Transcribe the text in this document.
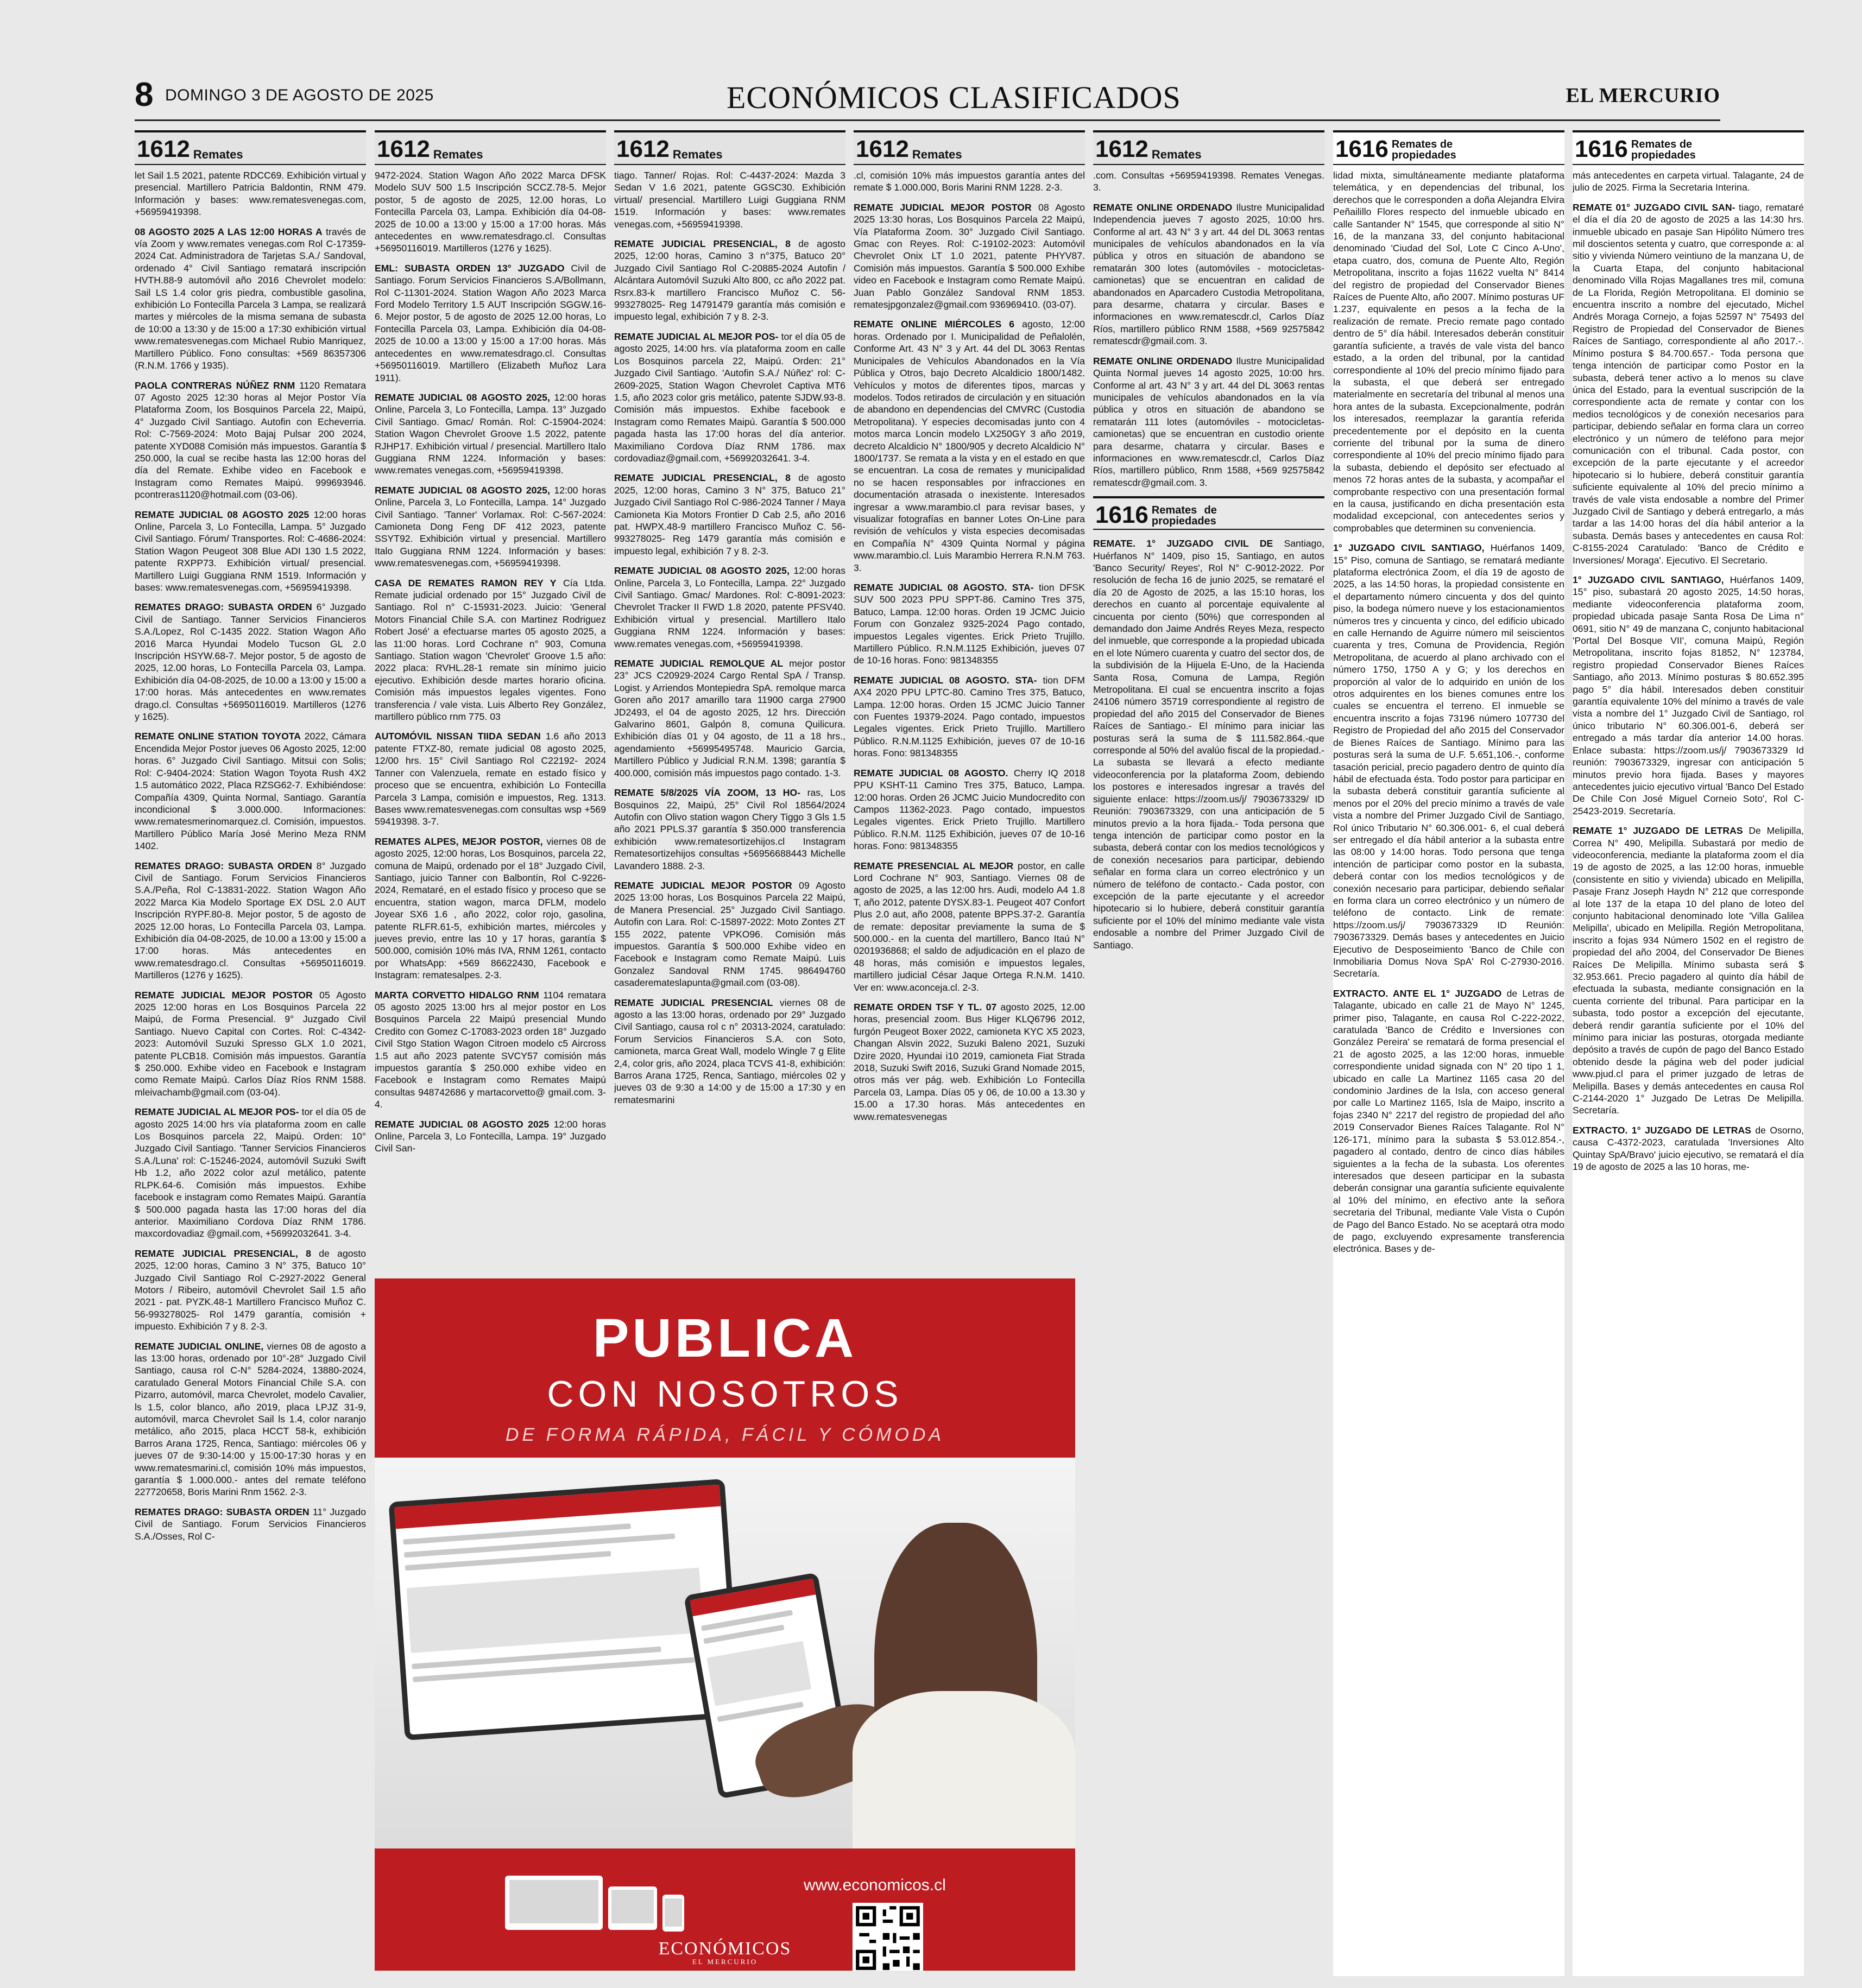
8 DOMINGO 3 DE AGOSTO DE 2025	ECONÓMICOS CLASIFICADOS	EL MERCURIO
1612 Remates
let Sail 1.5 2021, patente RDCC69. Exhibición virtual y presencial. Martillero Patricia Baldontin, RNM 479. Información y bases: www.rematesvenegas.com, +56959419398.
08 AGOSTO 2025 A LAS 12:00 HORAS A través de vía Zoom y www.remates venegas.com Rol C-17359-2024 Cat. Administradora de Tarjetas S.A./ Sandoval, ordenado 4° Civil Santiago rematará inscripción HVTH.88-9 automóvil año 2016 Chevrolet modelo: Sail LS 1.4 color gris piedra, combustible gasolina, exhibición Lo Fontecilla Parcela 3 Lampa, se realizará martes y miércoles de la misma semana de subasta de 10:00 a 13:30 y de 15:00 a 17:30 exhibición virtual www.rematesvenegas.com Michael Rubio Manriquez, Martillero Público. Fono consultas: +569 86357306 (R.N.M. 1766 y 1935).
PAOLA CONTRERAS NÚÑEZ RNM 1120 Rematara 07 Agosto 2025 12:30 horas al Mejor Postor Vía Plataforma Zoom, los Bosquinos Parcela 22, Maipú, 4° Juzgado Civil Santiago. Autofin con Echeverria. Rol: C-7569-2024: Moto Bajaj Pulsar 200 2024, patente XYD088 Comisión más impuestos. Garantía $ 250.000, la cual se recibe hasta las 12:00 horas del día del Remate. Exhibe video en Facebook e Instagram como Remates Maipú. 999693946. pcontreras1120@hotmail.com (03-06).
REMATE JUDICIAL 08 AGOSTO 2025 12:00 horas Online, Parcela 3, Lo Fontecilla, Lampa. 5° Juzgado Civil Santiago. Fórum/ Transportes. Rol: C-4686-2024: Station Wagon Peugeot 308 Blue ADI 130 1.5 2022, patente RXPP73. Exhibición virtual/ presencial. Martillero Luigi Guggiana RNM 1519. Información y bases: www.rematesvenegas.com, +56959419398.
REMATES DRAGO: SUBASTA ORDEN 6° Juzgado Civil de Santiago. Tanner Servicios Financieros S.A./Lopez, Rol C-1435 2022. Station Wagon Año 2016 Marca Hyundai Modelo Tucson GL 2.0 Inscripción HSYW.68-7. Mejor postor, 5 de agosto de 2025, 12.00 horas, Lo Fontecilla Parcela 03, Lampa. Exhibición día 04-08-2025, de 10.00 a 13:00 y 15:00 a 17:00 horas. Más antecedentes en www.remates drago.cl. Consultas +56950116019. Martilleros (1276 y 1625).
REMATE ONLINE STATION TOYOTA 2022, Cámara Encendida Mejor Postor jueves 06 Agosto 2025, 12:00 horas. 6° Juzgado Civil Santiago. Mitsui con Solis; Rol: C-9404-2024: Station Wagon Toyota Rush 4X2 1.5 automático 2022, Placa RZSG62-7. Exhibiéndose: Compañía 4309, Quinta Normal, Santiago. Garantía incondicional $ 3.000.000. Informaciones: www.rematesmerinomarquez.cl. Comisión, impuestos. Martillero Público María José Merino Meza RNM 1402.
REMATES DRAGO: SUBASTA ORDEN 8° Juzgado Civil de Santiago. Forum Servicios Financieros S.A./Peña, Rol C-13831-2022. Station Wagon Año 2022 Marca Kia Modelo Sportage EX DSL 2.0 AUT Inscripción RYPF.80-8. Mejor postor, 5 de agosto de 2025 12.00 horas, Lo Fontecilla Parcela 03, Lampa. Exhibición día 04-08-2025, de 10.00 a 13:00 y 15:00 a 17:00 horas. Más antecedentes en www.rematesdrago.cl. Consultas +56950116019. Martilleros (1276 y 1625).
REMATE JUDICIAL MEJOR POSTOR 05 Agosto 2025 12:00 horas en Los Bosquinos Parcela 22 Maipú, de Forma Presencial. 9° Juzgado Civil Santiago. Nuevo Capital con Cortes. Rol: C-4342-2023: Automóvil Suzuki Spresso GLX 1.0 2021, patente PLCB18. Comisión más impuestos. Garantía $ 250.000. Exhibe video en Facebook e Instagram como Remate Maipú. Carlos Díaz Ríos RNM 1588. mleivachamb@gmail.com (03-04).
REMATE JUDICIAL AL MEJOR POS- tor el día 05 de agosto 2025 14:00 hrs vía plataforma zoom en calle Los Bosquinos parcela 22, Maipú. Orden: 10° Juzgado Civil Santiago. 'Tanner Servicios Financieros S.A./Luna' rol: C-15246-2024, automóvil Suzuki Swift Hb 1.2, año 2022 color azul metálico, patente RLPK.64-6. Comisión más impuestos. Exhibe facebook e instagram como Remates Maipú. Garantía $ 500.000 pagada hasta las 17:00 horas del día anterior. Maximiliano Cordova Díaz RNM 1786. maxcordovadiaz @gmail.com, +56992032641. 3-4.
REMATE JUDICIAL PRESENCIAL, 8 de agosto 2025, 12:00 horas, Camino 3 N° 375, Batuco 10° Juzgado Civil Santiago Rol C-2927-2022 General Motors / Ribeiro, automóvil Chevrolet Sail 1.5 año 2021 - pat. PYZK.48-1 Martillero Francisco Muñoz C. 56-993278025- Rol 1479 garantía, comisión + impuesto. Exhibición 7 y 8. 2-3.
REMATE JUDICIAL ONLINE, viernes 08 de agosto a las 13:00 horas, ordenado por 10°-28° Juzgado Civil Santiago, causa rol C-N° 5284-2024, 13880-2024, caratulado General Motors Financial Chile S.A. con Pizarro, automóvil, marca Chevrolet, modelo Cavalier, ls 1.5, color blanco, año 2019, placa LPJZ 31-9, automóvil, marca Chevrolet Sail ls 1.4, color naranjo metálico, año 2015, placa HCCT 58-k, exhibición Barros Arana 1725, Renca, Santiago: miércoles 06 y jueves 07 de 9:30-14:00 y 15:00-17:30 horas y en www.rematesmarini.cl, comisión 10% más impuestos, garantía $ 1.000.000.- antes del remate teléfono 227720658, Boris Marini Rnm 1562. 2-3.
REMATES DRAGO: SUBASTA ORDEN 11° Juzgado Civil de Santiago. Forum Servicios Financieros S.A./Osses, Rol C-
1612 Remates
9472-2024. Station Wagon Año 2022 Marca DFSK Modelo SUV 500 1.5 Inscripción SCCZ.78-5. Mejor postor, 5 de agosto de 2025, 12.00 horas, Lo Fontecilla Parcela 03, Lampa. Exhibición día 04-08-2025 de 10.00 a 13:00 y 15:00 a 17:00 horas. Más antecedentes en www.rematesdrago.cl. Consultas +56950116019. Martilleros (1276 y 1625).
EML: SUBASTA ORDEN 13° JUZGADO Civil de Santiago. Forum Servicios Financieros S.A/Bollmann, Rol C-11301-2024. Station Wagon Año 2023 Marca Ford Modelo Territory 1.5 AUT Inscripción SGGW.16-6. Mejor postor, 5 de agosto de 2025 12.00 horas, Lo Fontecilla Parcela 03, Lampa. Exhibición día 04-08-2025 de 10.00 a 13:00 y 15:00 a 17:00 horas. Más antecedentes en www.rematesdrago.cl. Consultas +56950116019. Martillero (Elizabeth Muñoz Lara 1911).
REMATE JUDICIAL 08 AGOSTO 2025, 12:00 horas Online, Parcela 3, Lo Fontecilla, Lampa. 13° Juzgado Civil Santiago. Gmac/ Román. Rol: C-15904-2024: Station Wagon Chevrolet Groove 1.5 2022, patente RJHP17. Exhibición virtual / presencial. Martillero Italo Guggiana RNM 1224. Información y bases: www.remates venegas.com, +56959419398.
REMATE JUDICIAL 08 AGOSTO 2025, 12:00 horas Online, Parcela 3, Lo Fontecilla, Lampa. 14° Juzgado Civil Santiago. 'Tanner' Vorlamax. Rol: C-567-2024: Camioneta Dong Feng DF 412 2023, patente SSYT92. Exhibición virtual y presencial. Martillero Italo Guggiana RNM 1224. Información y bases: www.rematesvenegas.com, +56959419398.
CASA DE REMATES RAMON REY Y Cía Ltda. Remate judicial ordenado por 15° Juzgado Civil de Santiago. Rol n° C-15931-2023. Juicio: 'General Motors Financial Chile S.A. con Martinez Rodriguez Robert José' a efectuarse martes 05 agosto 2025, a las 11:00 horas. Lord Cochrane n° 903, Comuna Santiago. Station wagon 'Chevrolet' Groove 1.5 año: 2022 placa: RVHL.28-1 remate sin mínimo juicio ejecutivo. Exhibición desde martes horario oficina. Comisión más impuestos legales vigentes. Fono transferencia / vale vista. Luis Alberto Rey González, martillero público rnm 775. 03
AUTOMÓVIL NISSAN TIIDA SEDAN 1.6 año 2013 patente FTXZ-80, remate judicial 08 agosto 2025, 12/00 hrs. 15° Civil Santiago Rol C22192- 2024 Tanner con Valenzuela, remate en estado físico y proceso que se encuentra, exhibición Lo Fontecilla Parcela 3 Lampa, comisión e impuestos, Reg. 1313. Bases www.rematesvenegas.com consultas wsp +569 59419398. 3-7.
REMATES ALPES, MEJOR POSTOR, viernes 08 de agosto 2025, 12:00 horas, Los Bosquinos, parcela 22, comuna de Maipú, ordenado por el 18° Juzgado Civil, Santiago, juicio Tanner con Balbontín, Rol C-9226-2024, Remataré, en el estado físico y proceso que se encuentra, station wagon, marca DFLM, modelo Joyear SX6 1.6 , año 2022, color rojo, gasolina, patente RLFR.61-5, exhibición martes, miércoles y jueves previo, entre las 10 y 17 horas, garantía $ 500.000, comisión 10% más IVA, RNM 1261, contacto por WhatsApp: +569 86622430, Facebook e Instagram: rematesalpes. 2-3.
MARTA CORVETTO HIDALGO RNM 1104 rematara 05 agosto 2025 13:00 hrs al mejor postor en Los Bosquinos Parcela 22 Maipú presencial Mundo Credito con Gomez C-17083-2023 orden 18° Juzgado Civil Stgo Station Wagon Citroen modelo c5 Aircross 1.5 aut año 2023 patente SVCY57 comisión más impuestos garantía $ 250.000 exhibe video en Facebook e Instagram como Remates Maipú consultas 948742686 y martacorvetto@ gmail.com. 3-4.
REMATE JUDICIAL 08 AGOSTO 2025 12:00 horas Online, Parcela 3, Lo Fontecilla, Lampa. 19° Juzgado Civil San-
1612 Remates
tiago. Tanner/ Rojas. Rol: C-4437-2024: Mazda 3 Sedan V 1.6 2021, patente GGSC30. Exhibición virtual/ presencial. Martillero Luigi Guggiana RNM 1519. Información y bases: www.remates venegas.com, +56959419398.
REMATE JUDICIAL PRESENCIAL, 8 de agosto 2025, 12:00 horas, Camino 3 n°375, Batuco 20° Juzgado Civil Santiago Rol C-20885-2024 Autofin / Alcántara Automóvil Suzuki Alto 800, cc año 2022 pat. Rsrx.83-k martillero Francisco Muñoz C. 56-993278025- Reg 14791479 garantía más comisión e impuesto legal, exhibición 7 y 8. 2-3.
REMATE JUDICIAL AL MEJOR POS- tor el día 05 de agosto 2025, 14:00 hrs. vía plataforma zoom en calle Los Bosquinos parcela 22, Maipú. Orden: 21° Juzgado Civil Santiago. 'Autofin S.A./ Núñez' rol: C-2609-2025, Station Wagon Chevrolet Captiva MT6 1.5, año 2023 color gris metálico, patente SJDW.93-8. Comisión más impuestos. Exhibe facebook e Instagram como Remates Maipú. Garantía $ 500.000 pagada hasta las 17:00 horas del día anterior. Maximiliano Cordova Díaz RNM 1786. max cordovadiaz@gmail.com, +56992032641. 3-4.
REMATE JUDICIAL PRESENCIAL, 8 de agosto 2025, 12:00 horas, Camino 3 N° 375, Batuco 21° Juzgado Civil Santiago Rol C-986-2024 Tanner / Maya Camioneta Kia Motors Frontier D Cab 2.5, año 2016 pat. HWPX.48-9 martillero Francisco Muñoz C. 56-993278025- Reg 1479 garantía más comisión e impuesto legal, exhibición 7 y 8. 2-3.
REMATE JUDICIAL 08 AGOSTO 2025, 12:00 horas Online, Parcela 3, Lo Fontecilla, Lampa. 22° Juzgado Civil Santiago. Gmac/ Mardones. Rol: C-8091-2023: Chevrolet Tracker II FWD 1.8 2020, patente PFSV40. Exhibición virtual y presencial. Martillero Italo Guggiana RNM 1224. Información y bases: www.remates venegas.com, +56959419398.
REMATE JUDICIAL REMOLQUE AL mejor postor 23° JCS C20929-2024 Cargo Rental SpA / Transp. Logist. y Arriendos Montepiedra SpA. remolque marca Goren año 2017 amarillo tara 11900 carga 27900 JD2493, el 04 de agosto 2025, 12 hrs. Dirección Galvarino 8601, Galpón 8, comuna Quilicura. Exhibición días 01 y 04 agosto, de 11 a 18 hrs., agendamiento +56995495748. Mauricio Garcia, Martillero Público y Judicial R.N.M. 1398; garantía $ 400.000, comisión más impuestos pago contado. 1-3.
REMATE 5/8/2025 VÍA ZOOM, 13 HO- ras, Los Bosquinos 22, Maipú, 25° Civil Rol 18564/2024 Autofin con Olivo station wagon Chery Tiggo 3 Gls 1.5 año 2021 PPLS.37 garantía $ 350.000 transferencia exhibición www.rematesortizehijos.cl Instagram Rematesortizehijos consultas +56956688443 Michelle Lavandero 1888. 2-3.
REMATE JUDICIAL MEJOR POSTOR 09 Agosto 2025 13:00 horas, Los Bosquinos Parcela 22 Maipú, de Manera Presencial. 25° Juzgado Civil Santiago. Autofin con Lara. Rol: C-15897-2022: Moto Zontes ZT 155 2022, patente VPKO96. Comisión más impuestos. Garantía $ 500.000 Exhibe video en Facebook e Instagram como Remate Maipú. Luis Gonzalez Sandoval RNM 1745. 986494760 casaderemateslapunta@gmail.com (03-08).
REMATE JUDICIAL PRESENCIAL viernes 08 de agosto a las 13:00 horas, ordenado por 29° Juzgado Civil Santiago, causa rol c n° 20313-2024, caratulado: Forum Servicios Financieros S.A. con Soto, camioneta, marca Great Wall, modelo Wingle 7 g Elite 2,4, color gris, año 2024, placa TCVS 41-8, exhibición: Barros Arana 1725, Renca, Santiago, miércoles 02 y jueves 03 de 9:30 a 14:00 y de 15:00 a 17:30 y en rematesmarini
1612 Remates
.cl, comisión 10% más impuestos garantía antes del remate $ 1.000.000, Boris Marini RNM 1228. 2-3.
REMATE JUDICIAL MEJOR POSTOR 08 Agosto 2025 13:30 horas, Los Bosquinos Parcela 22 Maipú, Vía Plataforma Zoom. 30° Juzgado Civil Santiago. Gmac con Reyes. Rol: C-19102-2023: Automóvil Chevrolet Onix LT 1.0 2021, patente PHYV87. Comisión más impuestos. Garantía $ 500.000 Exhibe video en Facebook e Instagram como Remate Maipú. Juan Pablo González Sandoval RNM 1853. rematesjpgonzalez@gmail.com 936969410. (03-07).
REMATE ONLINE MIÉRCOLES 6 agosto, 12:00 horas. Ordenado por I. Municipalidad de Peñalolén, Conforme Art. 43 N° 3 y Art. 44 del DL 3063 Rentas Municipales de Vehículos Abandonados en la Vía Pública y Otros, bajo Decreto Alcaldicio 1800/1482. Vehículos y motos de diferentes tipos, marcas y modelos. Todos retirados de circulación y en situación de abandono en dependencias del CMVRC (Custodia Metropolitana). Y especies decomisadas junto con 4 motos marca Loncin modelo LX250GY 3 año 2019, decreto Alcaldicio N° 1800/905 y decreto Alcaldicio N° 1800/1737. Se remata a la vista y en el estado en que se encuentran. La cosa de remates y municipalidad no se hacen responsables por infracciones en documentación atrasada o inexistente. Interesados ingresar a www.marambio.cl para revisar bases, y visualizar fotografías en banner Lotes On-Line para revisión de vehículos y vista especies decomisadas en Compañía N° 4309 Quinta Normal y página www.marambio.cl. Luis Marambio Herrera R.N.M 763. 3.
REMATE JUDICIAL 08 AGOSTO. STA- tion DFSK SUV 500 2023 PPU SPPT-86. Camino Tres 375, Batuco, Lampa. 12:00 horas. Orden 19 JCMC Juicio Forum con Gonzalez 9325-2024 Pago contado, impuestos Legales vigentes. Erick Prieto Trujillo. Martillero Público. R.N.M.1125 Exhibición, jueves 07 de 10-16 horas. Fono: 981348355
REMATE JUDICIAL 08 AGOSTO. STA- tion DFM AX4 2020 PPU LPTC-80. Camino Tres 375, Batuco, Lampa. 12:00 horas. Orden 15 JCMC Juicio Tanner con Fuentes 19379-2024. Pago contado, impuestos Legales vigentes. Erick Prieto Trujillo. Martillero Público. R.N.M.1125 Exhibición, jueves 07 de 10-16 horas. Fono: 981348355
REMATE JUDICIAL 08 AGOSTO. Cherry IQ 2018 PPU KSHT-11 Camino Tres 375, Batuco, Lampa. 12:00 horas. Orden 26 JCMC Juicio Mundocredito con Campos 11362-2023. Pago contado, impuestos Legales vigentes. Erick Prieto Trujillo. Martillero Público. R.N.M. 1125 Exhibición, jueves 07 de 10-16 horas. Fono: 981348355
REMATE PRESENCIAL AL MEJOR postor, en calle Lord Cochrane N° 903, Santiago. Viernes 08 de agosto de 2025, a las 12:00 hrs. Audi, modelo A4 1.8 T, año 2012, patente DYSX.83-1. Peugeot 407 Confort Plus 2.0 aut, año 2008, patente BPPS.37-2. Garantía de remate: depositar previamente la suma de $ 500.000.- en la cuenta del martillero, Banco Itaú N° 0201936868; el saldo de adjudicación en el plazo de 48 horas, más comisión e impuestos legales, martillero judicial César Jaque Ortega R.N.M. 1410. Ver en: www.aconceja.cl. 2-3.
REMATE ORDEN TSF Y TL. 07 agosto 2025, 12.00 horas, presencial zoom. Bus Higer KLQ6796 2012, furgón Peugeot Boxer 2022, camioneta KYC X5 2023, Changan Alsvin 2022, Suzuki Baleno 2021, Suzuki Dzire 2020, Hyundai i10 2019, camioneta Fiat Strada 2018, Suzuki Swift 2016, Suzuki Grand Nomade 2015, otros más ver pág. web. Exhibición Lo Fontecilla Parcela 03, Lampa. Días 05 y 06, de 10.00 a 13.30 y 15.00 a 17.30 horas. Más antecedentes en www.rematesvenegas
1612 Remates
.com. Consultas +56959419398. Remates Venegas. 3.
REMATE ONLINE ORDENADO Ilustre Municipalidad Independencia jueves 7 agosto 2025, 10:00 hrs. Conforme al art. 43 N° 3 y art. 44 del DL 3063 rentas municipales de vehículos abandonados en la vía pública y otros en situación de abandono se rematarán 300 lotes (automóviles - motocicletas-camionetas) que se encuentran en calidad de abandonados en Aparcadero Custodia Metropolitana, para desarme, chatarra y circular. Bases e informaciones en www.rematescdr.cl, Carlos Díaz Ríos, martillero público RNM 1588, +569 92575842 rematescdr@gmail.com. 3.
REMATE ONLINE ORDENADO Ilustre Municipalidad Quinta Normal jueves 14 agosto 2025, 10:00 hrs. Conforme al art. 43 N° 3 y art. 44 del DL 3063 rentas municipales de vehículos abandonados en la vía pública y otros en situación de abandono se rematarán 111 lotes (automóviles - motocicletas-camionetas) que se encuentran en custodio oriente para desarme, chatarra y circular. Bases e informaciones en www.rematescdr.cl, Carlos Díaz Ríos, martillero público, Rnm 1588, +569 92575842 rematescdr@gmail.com. 3.
1616 Remates de propiedades
REMATE. 1° JUZGADO CIVIL DE Santiago, Huérfanos N° 1409, piso 15, Santiago, en autos 'Banco Security/ Reyes', Rol N° C-9012-2022. Por resolución de fecha 16 de junio 2025, se remataré el día 20 de Agosto de 2025, a las 15:10 horas, los derechos en cuanto al porcentaje equivalente al cincuenta por ciento (50%) que corresponden al demandado don Jaime Andrés Reyes Meza, respecto del inmueble, que corresponde a la propiedad ubicada en el lote Número cuarenta y cuatro del sector dos, de la subdivisión de la Hijuela E-Uno, de la Hacienda Santa Rosa, Comuna de Lampa, Región Metropolitana. El cual se encuentra inscrito a fojas 24106 número 35719 correspondiente al registro de propiedad del año 2015 del Conservador de Bienes Raíces de Santiago.- El mínimo para iniciar las posturas será la suma de $ 111.582.864.-que corresponde al 50% del avalúo fiscal de la propiedad.- La subasta se llevará a efecto mediante videoconferencia por la plataforma Zoom, debiendo los postores e interesados ingresar a través del siguiente enlace: https://zoom.us/j/ 7903673329/ ID Reunión: 7903673329, con una anticipación de 5 minutos previo a la hora fijada.- Toda persona que tenga intención de participar como postor en la subasta, deberá contar con los medios tecnológicos y de conexión necesarios para participar, debiendo señalar en forma clara un correo electrónico y un número de teléfono de contacto.- Cada postor, con excepción de la parte ejecutante y el acreedor hipotecario si lo hubiere, deberá constituir garantía suficiente por el 10% del mínimo mediante vale vista endosable a nombre del Primer Juzgado Civil de Santiago.
1616 Remates de propiedades
lidad mixta, simultáneamente mediante plataforma telemática, y en dependencias del tribunal, los derechos que le corresponden a doña Alejandra Elvira Peñailillo Flores respecto del inmueble ubicado en calle Santander N° 1545, que corresponde al sitio N° 16, de la manzana 33, del conjunto habitacional denominado 'Ciudad del Sol, Lote C Cinco A-Uno', etapa cuatro, dos, comuna de Puente Alto, Región Metropolitana, inscrito a fojas 11622 vuelta N° 8414 del registro de propiedad del Conservador Bienes Raíces de Puente Alto, año 2007. Mínimo posturas UF 1.237, equivalente en pesos a la fecha de la realización de remate. Precio remate pago contado dentro de 5° día hábil. Interesados deberán constituir garantía suficiente, a través de vale vista del banco estado, a la orden del tribunal, por la cantidad correspondiente al 10% del precio mínimo fijado para la subasta, el que deberá ser entregado materialmente en secretaría del tribunal al menos una hora antes de la subasta. Excepcionalmente, podrán los interesados, reemplazar la garantía referida precedentemente por el depósito en la cuenta corriente del tribunal por la suma de dinero correspondiente al 10% del precio mínimo fijado para la subasta, debiendo el depósito ser efectuado al menos 72 horas antes de la subasta, y acompañar el comprobante respectivo con una presentación formal en la causa, justificando en dicha presentación esta modalidad excepcional, con antecedentes serios y comprobables que determinen su conveniencia.
1° JUZGADO CIVIL SANTIAGO, Huérfanos 1409, 15° Piso, comuna de Santiago, se rematará mediante plataforma electrónica Zoom, el día 19 de agosto de 2025, a las 14:50 horas, la propiedad consistente en el departamento número cincuenta y dos del quinto piso, la bodega número nueve y los estacionamientos números tres y cincuenta y cinco, del edificio ubicado en calle Hernando de Aguirre número mil seiscientos cuarenta y tres, Comuna de Providencia, Región Metropolitana, de acuerdo al plano archivado con el número 1750, 1750 A y G; y los derechos en proporción al valor de lo adquirido en unión de los otros adquirentes en los bienes comunes entre los cuales se encuentra el terreno. El inmueble se encuentra inscrito a fojas 73196 número 107730 del Registro de Propiedad del año 2015 del Conservador de Bienes Raíces de Santiago. Mínimo para las posturas será la suma de U.F. 5.651,106.-, conforme tasación pericial, precio pagadero dentro de quinto día hábil de efectuada ésta. Todo postor para participar en la subasta deberá constituir garantía suficiente al menos por el 20% del precio mínimo a través de vale vista a nombre del Primer Juzgado Civil de Santiago, Rol único Tributario N° 60.306.001- 6, el cual deberá ser entregado el día hábil anterior a la subasta entre las 08:00 y 14:00 horas. Todo persona que tenga intención de participar como postor en la subasta, deberá contar con los medios tecnológicos y de conexión necesario para participar, debiendo señalar en forma clara un correo electrónico y un número de teléfono de contacto. Link de remate: https://zoom.us/j/ 7903673329 ID Reunión: 7903673329. Demás bases y antecedentes en Juicio Ejecutivo de Desposeimiento 'Banco de Chile con Inmobiliaria Domus Nova SpA' Rol C-27930-2016. Secretaría.
EXTRACTO. ANTE EL 1° JUZGADO de Letras de Talagante, ubicado en calle 21 de Mayo N° 1245, primer piso, Talagante, en causa Rol C-222-2022, caratulada 'Banco de Crédito e Inversiones con González Pereira' se rematará de forma presencial el 21 de agosto 2025, a las 12:00 horas, inmueble correspondiente unidad signada con N° 20 tipo 1 1, ubicado en calle La Martinez 1165 casa 20 del condominio Jardines de la Isla, con acceso general por calle Lo Martinez 1165, Isla de Maipo, inscrito a fojas 2340 N° 2217 del registro de propiedad del año 2019 Conservador Bienes Raíces Talagante. Rol N° 126-171, mínimo para la subasta $ 53.012.854.-, pagadero al contado, dentro de cinco días hábiles siguientes a la fecha de la subasta. Los oferentes interesados que deseen participar en la subasta deberán consignar una garantía suficiente equivalente al 10% del mínimo, en efectivo ante la señora secretaria del Tribunal, mediante Vale Vista o Cupón de Pago del Banco Estado. No se aceptará otra modo de pago, excluyendo expresamente transferencia electrónica. Bases y de-
1616 Remates de propiedades
más antecedentes en carpeta virtual. Talagante, 24 de julio de 2025. Firma la Secretaria Interina.
REMATE 01° JUZGADO CIVIL SAN- tiago, remataré el día el día 20 de agosto de 2025 a las 14:30 hrs. inmueble ubicado en pasaje San Hipólito Número tres mil doscientos setenta y cuatro, que corresponde a: al sitio y vivienda Número veintiuno de la manzana U, de la Cuarta Etapa, del conjunto habitacional denominado Villa Rojas Magallanes tres mil, comuna de La Florida, Región Metropolitana. El dominio se encuentra inscrito a nombre del ejecutado, Michel Andrés Moraga Cornejo, a fojas 52597 N° 75493 del Registro de Propiedad del Conservador de Bienes Raíces de Santiago, correspondiente al año 2017.-. Mínimo postura $ 84.700.657.- Toda persona que tenga intención de participar como Postor en la subasta, deberá tener activo a lo menos su clave única del Estado, para la eventual suscripción de la correspondiente acta de remate y contar con los medios tecnológicos y de conexión necesarios para participar, debiendo señalar en forma clara un correo electrónico y un número de teléfono para mejor comunicación con el tribunal. Cada postor, con excepción de la parte ejecutante y el acreedor hipotecario si lo hubiere, deberá constituir garantía suficiente equivalente al 10% del precio mínimo a través de vale vista endosable a nombre del Primer Juzgado Civil de Santiago y deberá entregarlo, a más tardar a las 14:00 horas del día hábil anterior a la subasta. Demás bases y antecedentes en causa Rol: C-8155-2024 Caratulado: 'Banco de Crédito e Inversiones/ Moraga'. Ejecutivo. El Secretario.
1° JUZGADO CIVIL SANTIAGO, Huérfanos 1409, 15° piso, subastará 20 agosto 2025, 14:50 horas, mediante videoconferencia plataforma zoom, propiedad ubicada pasaje Santa Rosa De Lima n° 0691, sitio N° 49 de manzana C, conjunto habitacional 'Portal Del Bosque VII', comuna Maipú, Región Metropolitana, inscrito fojas 81852, N° 123784, registro propiedad Conservador Bienes Raíces Santiago, año 2013. Mínimo posturas $ 80.652.395 pago 5° día hábil. Interesados deben constituir garantía equivalente 10% del mínimo a través de vale vista a nombre del 1° Juzgado Civil de Santiago, rol único tributario N° 60.306.001-6, deberá ser entregado a más tardar día anterior 14.00 horas. Enlace subasta: https://zoom.us/j/ 7903673329 Id reunión: 7903673329, ingresar con anticipación 5 minutos previo hora fijada. Bases y mayores antecedentes juicio ejecutivo virtual 'Banco Del Estado De Chile Con José Miguel Corneio Soto', Rol C-25423-2019. Secretaría.
REMATE 1° JUZGADO DE LETRAS De Melipilla, Correa N° 490, Melipilla. Subastará por medio de videoconferencia, mediante la plataforma zoom el día 19 de agosto de 2025, a las 12:00 horas, inmueble (consistente en sitio y vivienda) ubicado en Melipilla, Pasaje Franz Joseph Haydn N° 212 que corresponde al lote 137 de la etapa 10 del plano de loteo del conjunto habitacional denominado lote 'Villa Galilea Melipilla', ubicado en Melipilla. Región Metropolitana, inscrito a fojas 934 Número 1502 en el registro de propiedad del año 2004, del Conservador De Bienes Raíces De Melipilla. Mínimo subasta será $ 32.953.661. Precio pagadero al quinto día hábil de efectuada la subasta, mediante consignación en la cuenta corriente del tribunal. Para participar en la subasta, todo postor a excepción del ejecutante, deberá rendir garantía suficiente por el 10% del mínimo para iniciar las posturas, otorgada mediante depósito a través de cupón de pago del Banco Estado obtenido desde la página web del poder judicial www.pjud.cl para el primer juzgado de letras de Melipilla. Bases y demás antecedentes en causa Rol C-2144-2020 1° Juzgado De Letras De Melipilla. Secretaría.
EXTRACTO. 1° JUZGADO DE LETRAS de Osorno, causa C-4372-2023, caratulada 'Inversiones Alto Quintay SpA/Bravo' juicio ejecutivo, se rematará el día 19 de agosto de 2025 a las 10 horas, me-
PUBLICA
CON NOSOTROS
DE FORMA RÁPIDA, FÁCIL Y CÓMODA
www.economicos.cl
ECONÓMICOS
EL MERCURIO
